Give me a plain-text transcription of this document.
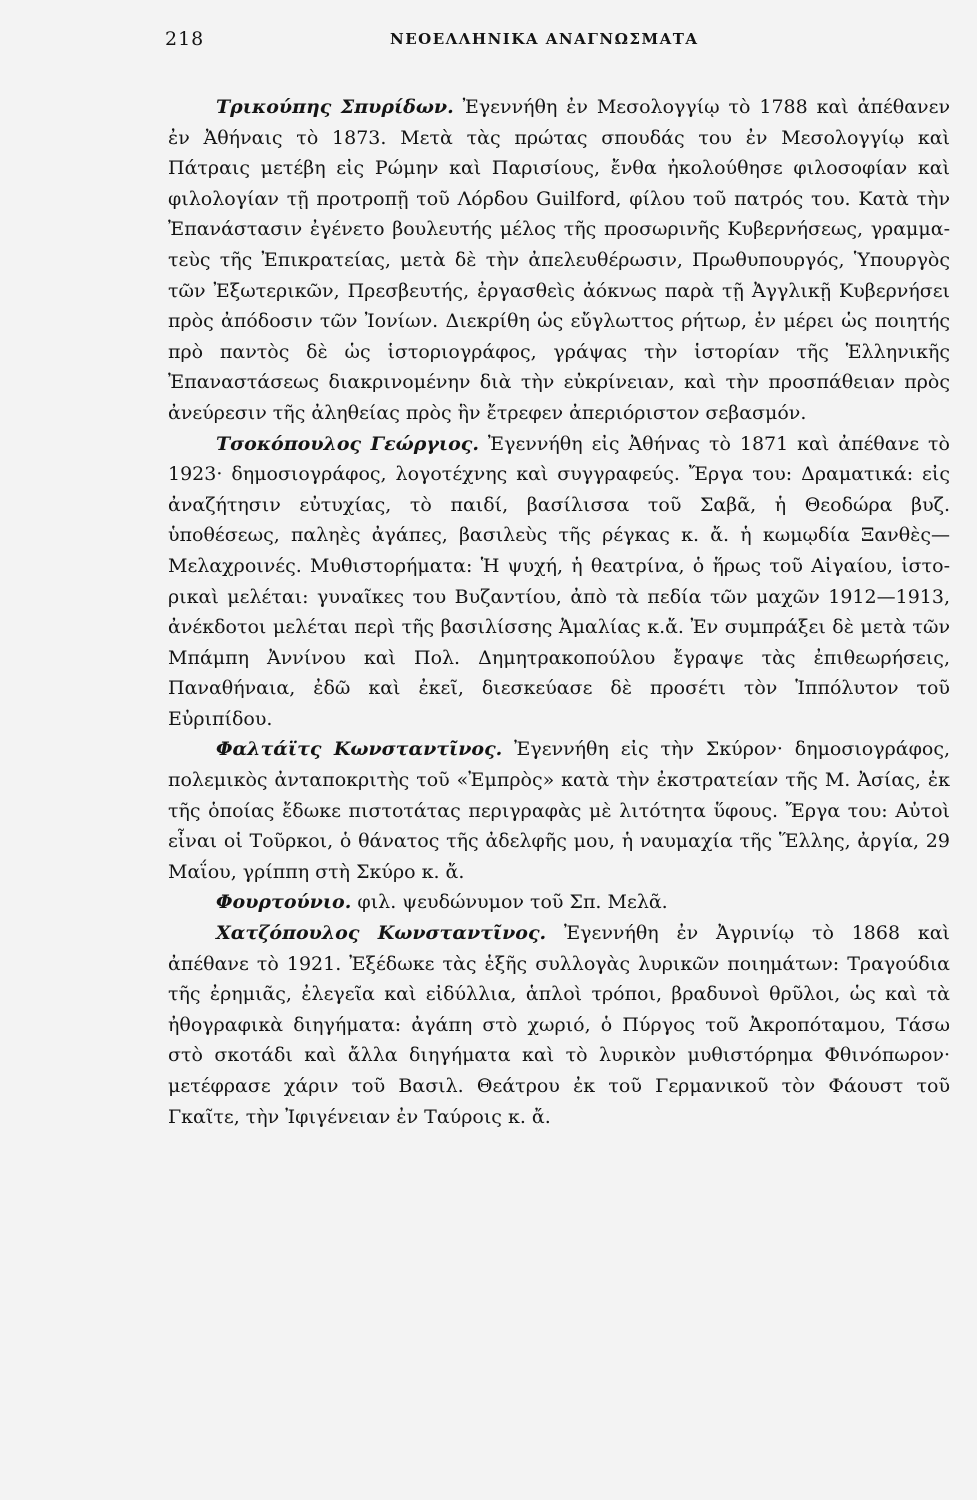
218	ΝΕΟΕΛΛΗΝΙΚΑ ΑΝΑΓΝΩΣΜΑΤΑ

Τρικούπης Σπυρίδων. Ἐγεννήθη ἐν Μεσολογγίῳ τὸ 1788 καὶ ἀπέθανεν ἐν Ἀθήναις τὸ 1873. Μετὰ τὰς πρώτας σπουδάς του ἐν Μεσολογγίῳ καὶ Πάτραις μετέβη εἰς Ρώμην καὶ Παρισίους, ἔνθα ἠκολούθησε φιλοσοφίαν καὶ φιλολογίαν τῇ προτροπῇ τοῦ Λόρδου Guilford, φίλου τοῦ πατρός του. Κατὰ τὴν Ἐπανάστασιν ἐγένετο βουλευτής μέλος τῆς προσωρινῆς Κυβερνήσεως, γραμματεὺς τῆς Ἐπικρατείας, μετὰ δὲ τὴν ἀπελευθέρωσιν, Πρωθυπουργός, Ὑπουργὸς τῶν Ἐξωτερικῶν, Πρεσβευτής, ἐργασθεὶς ἀόκνως παρὰ τῇ Ἀγγλικῇ Κυβερνήσει πρὸς ἀπόδοσιν τῶν Ἰονίων. Διεκρίθη ὡς εὔγλωττος ρήτωρ, ἐν μέρει ὡς ποιητής πρὸ παντὸς δὲ ὡς ἱστοριογράφος, γράψας τὴν ἱστορίαν τῆς Ἑλληνικῆς Ἐπαναστάσεως διακρινομένην διὰ τὴν εὐκρίνειαν, καὶ τὴν προσπάθειαν πρὸς ἀνεύρεσιν τῆς ἀληθείας πρὸς ἣν ἔτρεφεν ἀπεριόριστον σεβασμόν.

Τσοκόπουλος Γεώργιος. Ἐγεννήθη εἰς Ἀθήνας τὸ 1871 καὶ ἀπέθανε τὸ 1923· δημοσιογράφος, λογοτέχνης καὶ συγγραφεύς. Ἔργα του: Δραματικά: εἰς ἀναζήτησιν εὐτυχίας, τὸ παιδί, βασίλισσα τοῦ Σαβᾶ, ἡ Θεοδώρα βυζ. ὑποθέσεως, παληὲς ἀγάπες, βασιλεὺς τῆς ρέγκας κ. ἄ. ἡ κωμῳδία Ξανθὲς—Μελαχροινές. Μυθιστορήματα: Ἡ ψυχή, ἡ θεατρίνα, ὁ ἥρως τοῦ Αἰγαίου, ἱστορικαὶ μελέται: γυναῖκες του Βυζαντίου, ἀπὸ τὰ πεδία τῶν μαχῶν 1912—1913, ἀνέκδοτοι μελέται περὶ τῆς βασιλίσσης Ἀμαλίας κ.ἄ. Ἐν συμπράξει δὲ μετὰ τῶν Μπάμπη Ἀννίνου καὶ Πολ. Δημητρακοπούλου ἔγραψε τὰς ἐπιθεωρήσεις, Παναθήναια, ἐδῶ καὶ ἐκεῖ, διεσκεύασε δὲ προσέτι τὸν Ἱππόλυτον τοῦ Εὐριπίδου.

Φαλτάϊτς Κωνσταντῖνος. Ἐγεννήθη εἰς τὴν Σκύρον· δημοσιογράφος, πολεμικὸς ἀνταποκριτὴς τοῦ «Ἐμπρὸς» κατὰ τὴν ἐκστρατείαν τῆς Μ. Ἀσίας, ἐκ τῆς ὁποίας ἔδωκε πιστοτάτας περιγραφὰς μὲ λιτότητα ὕφους. Ἔργα του: Αὐτοὶ εἶναι οἱ Τοῦρκοι, ὁ θάνατος τῆς ἀδελφῆς μου, ἡ ναυμαχία τῆς Ἕλλης, ἀργία, 29 Μαΐου, γρίππη στὴ Σκύρο κ. ἄ.

Φουρτούνιο. φιλ. ψευδώνυμον τοῦ Σπ. Μελᾶ.

Χατζόπουλος Κωνσταντῖνος. Ἐγεννήθη ἐν Ἀγρινίῳ τὸ 1868 καὶ ἀπέθανε τὸ 1921. Ἐξέδωκε τὰς ἑξῆς συλλογὰς λυρικῶν ποιημάτων: Τραγούδια τῆς ἐρημιᾶς, ἐλεγεῖα καὶ εἰδύλλια, ἁπλοὶ τρόποι, βραδυνοὶ θρῦλοι, ὡς καὶ τὰ ἠθογραφικὰ διηγήματα: ἀγάπη στὸ χωριό, ὁ Πύργος τοῦ Ἀκροπόταμου, Τάσω στὸ σκοτάδι καὶ ἄλλα διηγήματα καὶ τὸ λυρικὸν μυθιστόρημα Φθινόπωρον· μετέφρασε χάριν τοῦ Βασιλ. Θεάτρου ἐκ τοῦ Γερμανικοῦ τὸν Φάουστ τοῦ Γκαῖτε, τὴν Ἰφιγένειαν ἐν Ταύροις κ. ἄ.
